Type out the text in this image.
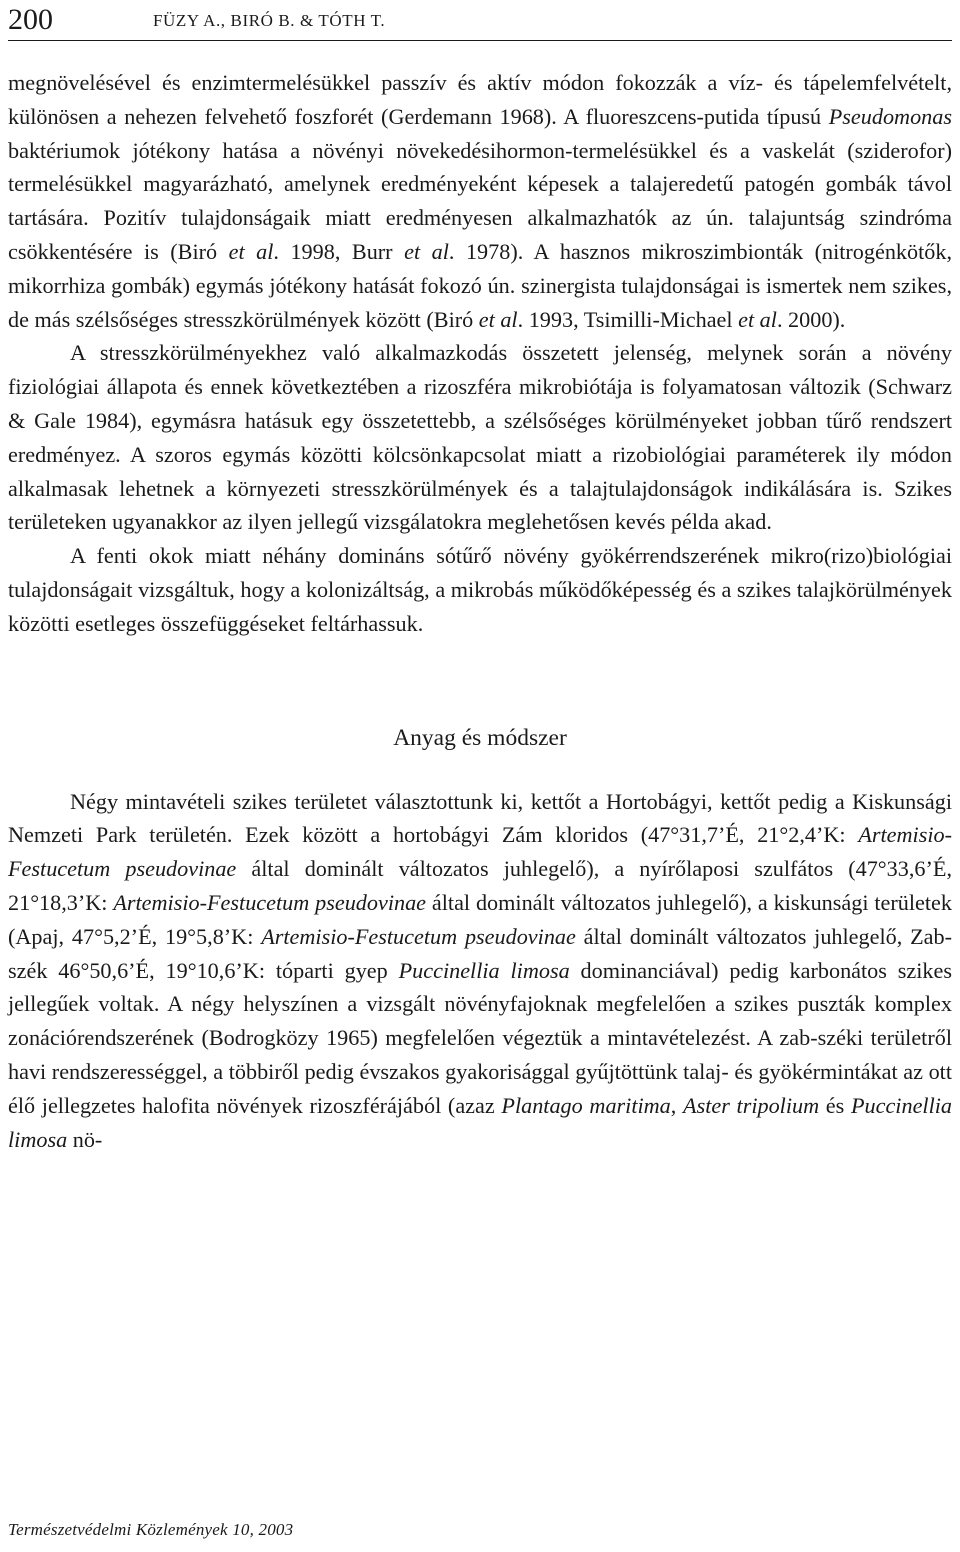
200	FÜZY A., BIRÓ B. & TÓTH T.

megnövelésével és enzimtermelésükkel passzív és aktív módon fokozzák a víz- és tápelemfelvételt, különösen a nehezen felvehető foszforét (Gerdemann 1968). A fluoreszcens-putida típusú Pseudomonas baktériumok jótékony hatása a növényi növekedésihormon-termelésükkel és a vaskelát (sziderofor) termelésükkel magyarázható, amelynek eredményeként képesek a talajeredetű patogén gombák távol tartására. Pozitív tulajdonságaik miatt eredményesen alkalmazhatók az ún. talajuntság szindróma csökkentésére is (Biró et al. 1998, Burr et al. 1978). A hasznos mikroszimbionták (nitrogénkötők, mikorrhiza gombák) egymás jótékony hatását fokozó ún. szinergista tulajdonságai is ismertek nem szikes, de más szélsőséges stresszkörülmények között (Biró et al. 1993, Tsimilli-Michael et al. 2000).

A stresszkörülményekhez való alkalmazkodás összetett jelenség, melynek során a növény fiziológiai állapota és ennek következtében a rizoszféra mikrobiótája is folyamatosan változik (Schwarz & Gale 1984), egymásra hatásuk egy összetettebb, a szélsőséges körülményeket jobban tűrő rendszert eredményez. A szoros egymás közötti kölcsönkapcsolat miatt a rizobiológiai paraméterek ily módon alkalmasak lehetnek a környezeti stresszkörülmények és a talajtulajdonságok indikálására is. Szikes területeken ugyanakkor az ilyen jellegű vizsgálatokra meglehetősen kevés példa akad.

A fenti okok miatt néhány domináns sótűrő növény gyökérrendszerének mikro(rizo)biológiai tulajdonságait vizsgáltuk, hogy a kolonizáltság, a mikrobás működőképesség és a szikes talajkörülmények közötti esetleges összefüggéseket feltárhassuk.

Anyag és módszer

Négy mintavételi szikes területet választottunk ki, kettőt a Hortobágyi, kettőt pedig a Kiskunsági Nemzeti Park területén. Ezek között a hortobágyi Zám kloridos (47°31,7’É, 21°2,4’K: Artemisio-Festucetum pseudovinae által dominált változatos juhlegelő), a nyírőlaposi szulfátos (47°33,6’É, 21°18,3’K: Artemisio-Festucetum pseudovinae által dominált változatos juhlegelő), a kiskunsági területek (Apaj, 47°5,2’É, 19°5,8’K: Artemisio-Festucetum pseudovinae által dominált változatos juhlegelő, Zab-szék 46°50,6’É, 19°10,6’K: tóparti gyep Puccinellia limosa dominanciával) pedig karbonátos szikes jellegűek voltak. A négy helyszínen a vizsgált növényfajoknak megfelelően a szikes puszták komplex zonációrendszerének (Bodrogközy 1965) megfelelően végeztük a mintavételezést. A zab-széki területről havi rendszerességgel, a többiről pedig évszakos gyakorisággal gyűjtöttünk talaj- és gyökérmintákat az ott élő jellegzetes halofita növények rizoszférájából (azaz Plantago maritima, Aster tripolium és Puccinellia limosa nö-

Természetvédelmi Közlemények 10, 2003
